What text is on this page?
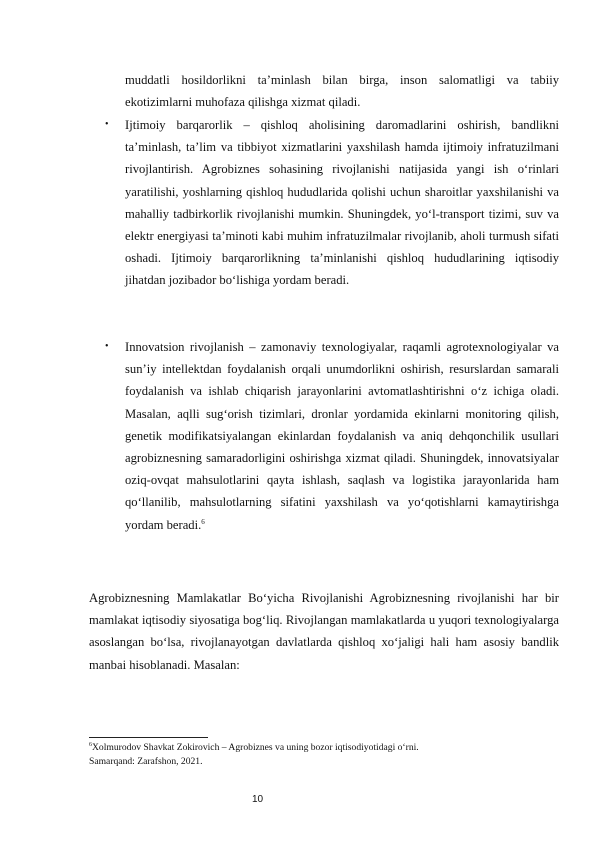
muddatli hosildorlikni ta’minlash bilan birga, inson salomatligi va tabiiy ekotizimlarni muhofaza qilishga xizmat qiladi.
• Ijtimoiy barqarorlik – qishloq aholisining daromadlarini oshirish, bandlikni ta’minlash, ta’lim va tibbiyot xizmatlarini yaxshilash hamda ijtimoiy infratuzilmani rivojlantirish. Agrobiznes sohasining rivojlanishi natijasida yangi ish o‘rinlari yaratilishi, yoshlarning qishloq hududlarida qolishi uchun sharoitlar yaxshilanishi va mahalliy tadbirkorlik rivojlanishi mumkin. Shuningdek, yo‘l-transport tizimi, suv va elektr energiyasi ta’minoti kabi muhim infratuzilmalar rivojlanib, aholi turmush sifati oshadi. Ijtimoiy barqarorlikning ta’minlanishi qishloq hududlarining iqtisodiy jihatdan jozibador bo‘lishiga yordam beradi.
• Innovatsion rivojlanish – zamonaviy texnologiyalar, raqamli agrotexnologiyalar va sun’iy intellektdan foydalanish orqali unumdorlikni oshirish, resurslardan samarali foydalanish va ishlab chiqarish jarayonlarini avtomatlashtirishni o‘z ichiga oladi. Masalan, aqlli sug‘orish tizimlari, dronlar yordamida ekinlarni monitoring qilish, genetik modifikatsiyalangan ekinlardan foydalanish va aniq dehqonchilik usullari agrobiznesning samaradorligini oshirishga xizmat qiladi. Shuningdek, innovatsiyalar oziq-ovqat mahsulotlarini qayta ishlash, saqlash va logistika jarayonlarida ham qo‘llanilib, mahsulotlarning sifatini yaxshilash va yo‘qotishlarni kamaytirishga yordam beradi.$^6$
Agrobiznesning Mamlakatlar Bo‘yicha Rivojlanishi Agrobiznesning rivojlanishi har bir mamlakat iqtisodiy siyosatiga bog‘liq. Rivojlangan mamlakatlarda u yuqori texnologiyalarga asoslangan bo‘lsa, rivojlanayotgan davlatlarda qishloq xo‘jaligi hali ham asosiy bandlik manbai hisoblanadi. Masalan:
$^6$Xolmurodov Shavkat Zokirovich – Agrobiznes va uning bozor iqtisodiyotidagi o‘rni.
Samarqand: Zarafshon, 2021.
10
